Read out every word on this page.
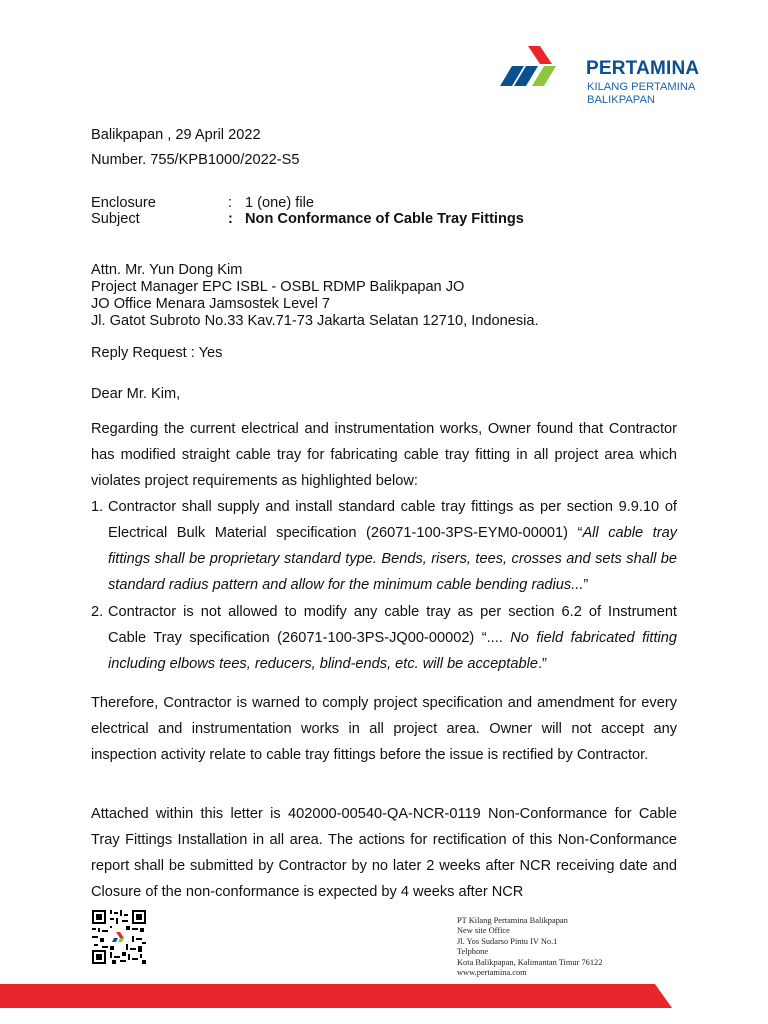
PERTAMINA
KILANG PERTAMINA
BALIKPAPAN
Balikpapan , 29 April 2022
Number. 755/KPB1000/2022-S5
Enclosure	: 1 (one) file
Subject	: Non Conformance of Cable Tray Fittings
Attn. Mr. Yun Dong Kim
Project Manager EPC ISBL - OSBL RDMP Balikpapan JO
JO Office Menara Jamsostek Level 7
Jl. Gatot Subroto No.33 Kav.71-73 Jakarta Selatan 12710, Indonesia.
Reply Request : Yes
Dear Mr. Kim,
Regarding the current electrical and instrumentation works, Owner found that Contractor has modified straight cable tray for fabricating cable tray fitting in all project area which violates project requirements as highlighted below:
1. Contractor shall supply and install standard cable tray fittings as per section 9.9.10 of Electrical Bulk Material specification (26071-100-3PS-EYM0-00001) “All cable tray fittings shall be proprietary standard type. Bends, risers, tees, crosses and sets shall be standard radius pattern and allow for the minimum cable bending radius...”
2. Contractor is not allowed to modify any cable tray as per section 6.2 of Instrument Cable Tray specification (26071-100-3PS-JQ00-00002) “.... No field fabricated fitting including elbows tees, reducers, blind-ends, etc. will be acceptable.”
Therefore, Contractor is warned to comply project specification and amendment for every electrical and instrumentation works in all project area. Owner will not accept any inspection activity relate to cable tray fittings before the issue is rectified by Contractor.
Attached within this letter is 402000-00540-QA-NCR-0119 Non-Conformance for Cable Tray Fittings Installation in all area. The actions for rectification of this Non-Conformance report shall be submitted by Contractor by no later 2 weeks after NCR receiving date and Closure of the non-conformance is expected by 4 weeks after NCR
PT Kilang Pertamina Balikpapan
New site Office
Jl. Yos Sudarso Pintu IV No.1
Telphone
Kota Balikpapan, Kalimantan Timur 76122
www.pertamina.com
